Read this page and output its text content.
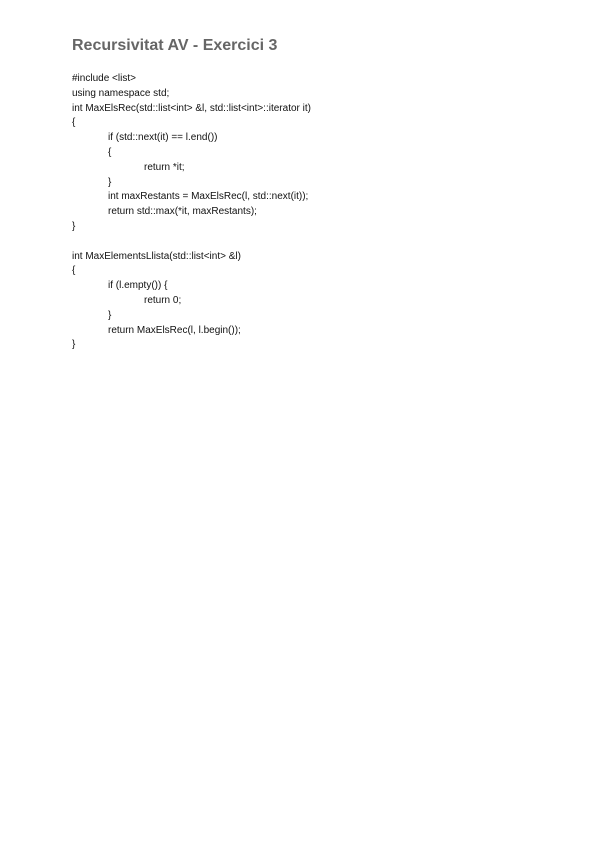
Recursivitat AV - Exercici 3
#include <list>
using namespace std;
int MaxElsRec(std::list<int> &l, std::list<int>::iterator it)
{
if (std::next(it) == l.end())
{
return *it;
}
int maxRestants = MaxElsRec(l, std::next(it));
return std::max(*it, maxRestants);
}
int MaxElementsLlista(std::list<int> &l)
{
if (l.empty()) {
return 0;
}
return MaxElsRec(l, l.begin());
}
